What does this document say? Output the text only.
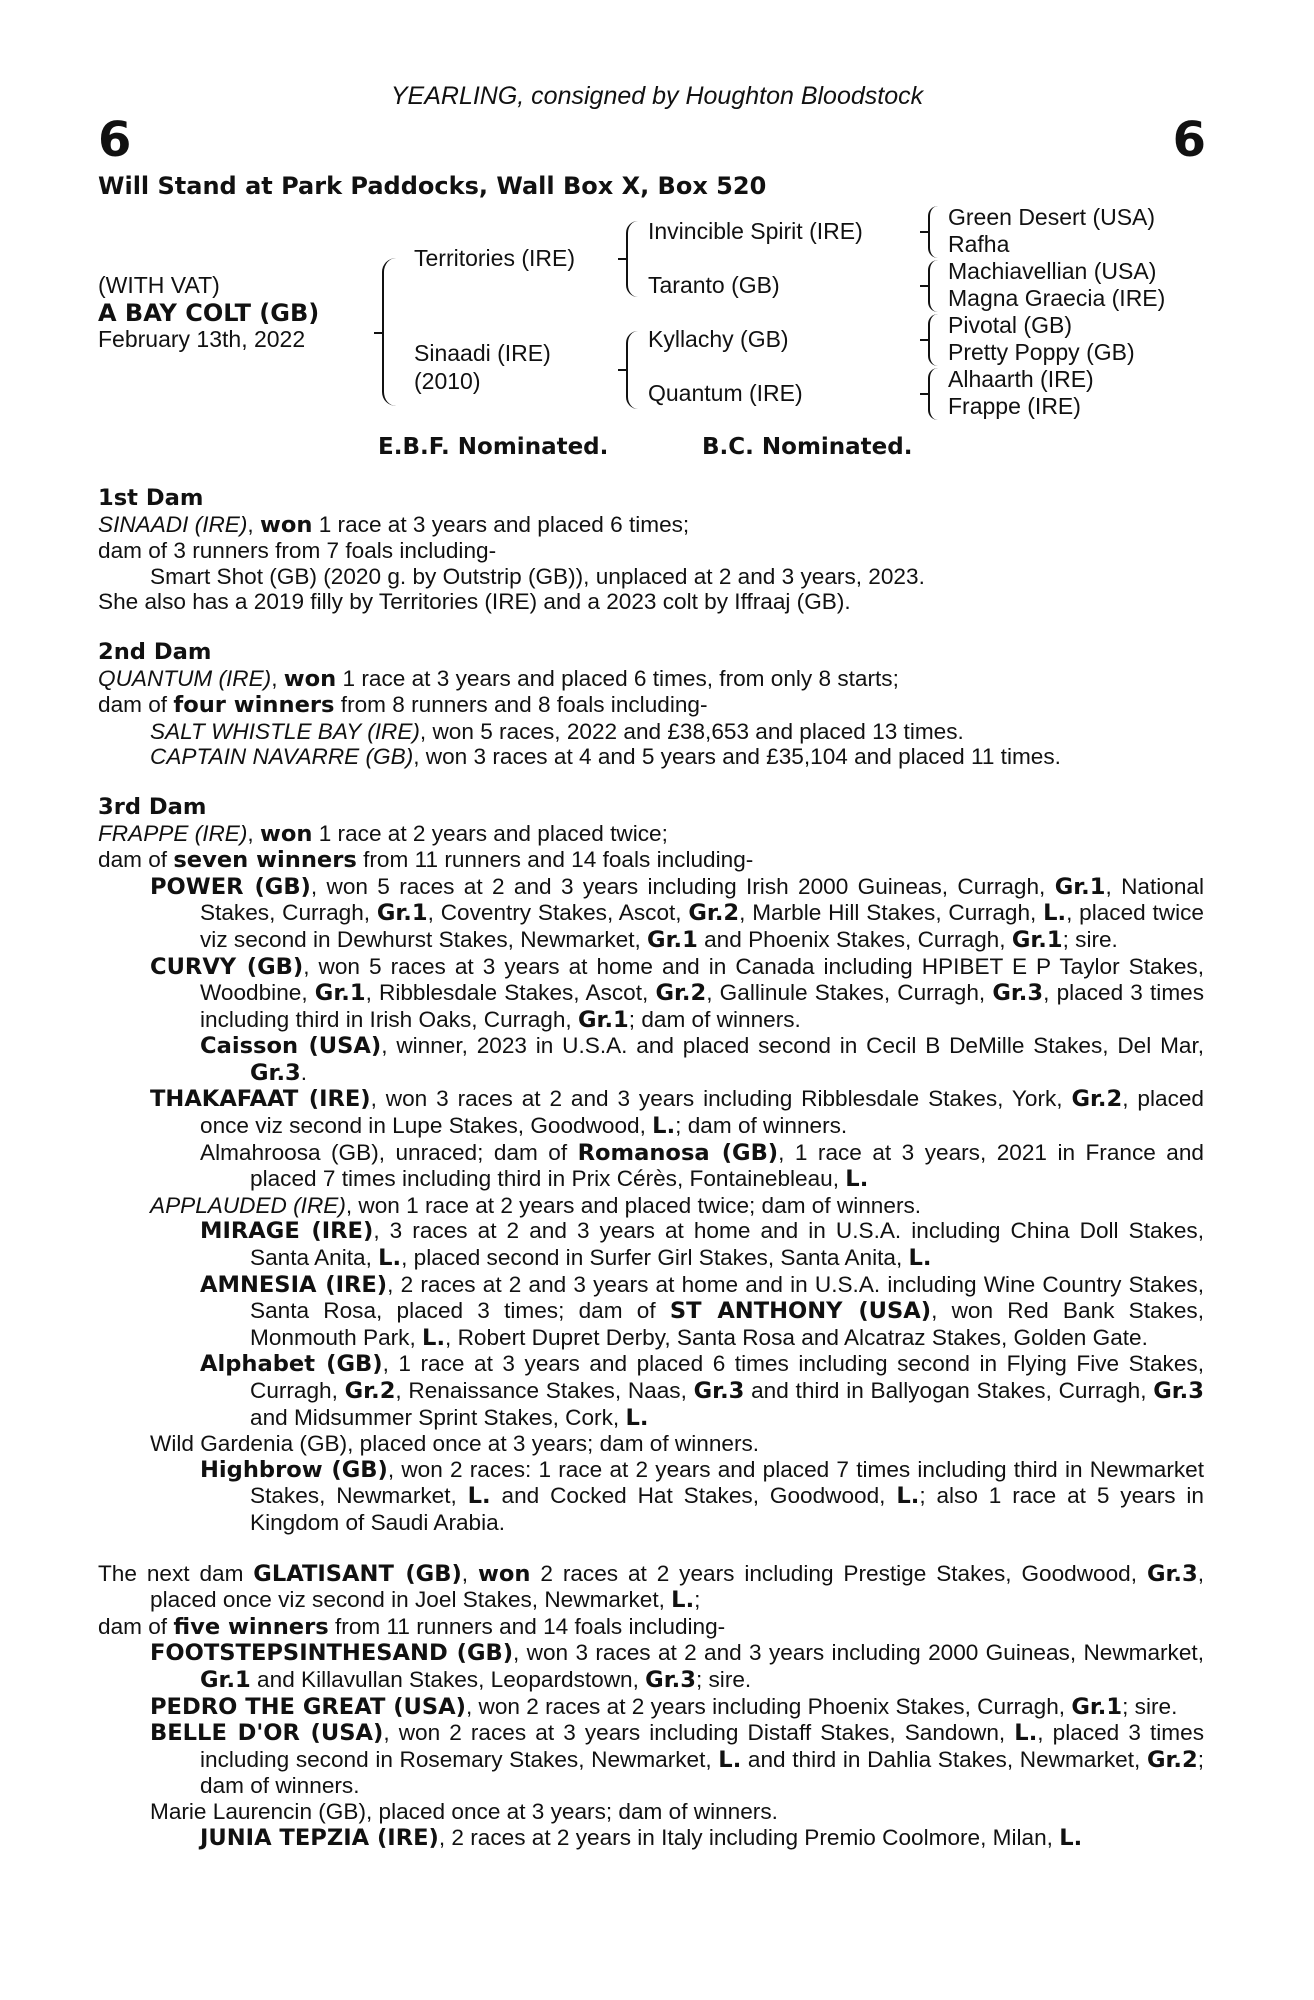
YEARLING, consigned by Houghton Bloodstock
6	6
Will Stand at Park Paddocks, Wall Box X, Box 520
(WITH VAT)
A BAY COLT (GB)
February 13th, 2022
Territories (IRE)
Sinaadi (IRE)
(2010)
Invincible Spirit (IRE)
Taranto (GB)
Kyllachy (GB)
Quantum (IRE)
Green Desert (USA)
Rafha
Machiavellian (USA)
Magna Graecia (IRE)
Pivotal (GB)
Pretty Poppy (GB)
Alhaarth (IRE)
Frappe (IRE)
E.B.F. Nominated.	B.C. Nominated.

1st Dam

SINAADI (IRE), won 1 race at 3 years and placed 6 times;

dam of 3 runners from 7 foals including-

Smart Shot (GB) (2020 g. by Outstrip (GB)), unplaced at 2 and 3 years, 2023.

She also has a 2019 filly by Territories (IRE) and a 2023 colt by Iffraaj (GB).

2nd Dam

QUANTUM (IRE), won 1 race at 3 years and placed 6 times, from only 8 starts;

dam of four winners from 8 runners and 8 foals including-

SALT WHISTLE BAY (IRE), won 5 races, 2022 and £38,653 and placed 13 times.

CAPTAIN NAVARRE (GB), won 3 races at 4 and 5 years and £35,104 and placed 11 times.

3rd Dam

FRAPPE (IRE), won 1 race at 2 years and placed twice;

dam of seven winners from 11 runners and 14 foals including-

POWER (GB), won 5 races at 2 and 3 years including Irish 2000 Guineas, Curragh, Gr.1, National Stakes, Curragh, Gr.1, Coventry Stakes, Ascot, Gr.2, Marble Hill Stakes, Curragh, L., placed twice viz second in Dewhurst Stakes, Newmarket, Gr.1 and Phoenix Stakes, Curragh, Gr.1; sire.

CURVY (GB), won 5 races at 3 years at home and in Canada including HPIBET E P Taylor Stakes, Woodbine, Gr.1, Ribblesdale Stakes, Ascot, Gr.2, Gallinule Stakes, Curragh, Gr.3, placed 3 times including third in Irish Oaks, Curragh, Gr.1; dam of winners.

Caisson (USA), winner, 2023 in U.S.A. and placed second in Cecil B DeMille Stakes, Del Mar, Gr.3.

THAKAFAAT (IRE), won 3 races at 2 and 3 years including Ribblesdale Stakes, York, Gr.2, placed once viz second in Lupe Stakes, Goodwood, L.; dam of winners.

Almahroosa (GB), unraced; dam of Romanosa (GB), 1 race at 3 years, 2021 in France and placed 7 times including third in Prix Cérès, Fontainebleau, L.

APPLAUDED (IRE), won 1 race at 2 years and placed twice; dam of winners.

MIRAGE (IRE), 3 races at 2 and 3 years at home and in U.S.A. including China Doll Stakes, Santa Anita, L., placed second in Surfer Girl Stakes, Santa Anita, L.

AMNESIA (IRE), 2 races at 2 and 3 years at home and in U.S.A. including Wine Country Stakes, Santa Rosa, placed 3 times; dam of ST ANTHONY (USA), won Red Bank Stakes, Monmouth Park, L., Robert Dupret Derby, Santa Rosa and Alcatraz Stakes, Golden Gate.

Alphabet (GB), 1 race at 3 years and placed 6 times including second in Flying Five Stakes, Curragh, Gr.2, Renaissance Stakes, Naas, Gr.3 and third in Ballyogan Stakes, Curragh, Gr.3 and Midsummer Sprint Stakes, Cork, L.

Wild Gardenia (GB), placed once at 3 years; dam of winners.

Highbrow (GB), won 2 races: 1 race at 2 years and placed 7 times including third in Newmarket Stakes, Newmarket, L. and Cocked Hat Stakes, Goodwood, L.; also 1 race at 5 years in Kingdom of Saudi Arabia.

The next dam GLATISANT (GB), won 2 races at 2 years including Prestige Stakes, Goodwood, Gr.3, placed once viz second in Joel Stakes, Newmarket, L.;

dam of five winners from 11 runners and 14 foals including-

FOOTSTEPSINTHESAND (GB), won 3 races at 2 and 3 years including 2000 Guineas, Newmarket, Gr.1 and Killavullan Stakes, Leopardstown, Gr.3; sire.

PEDRO THE GREAT (USA), won 2 races at 2 years including Phoenix Stakes, Curragh, Gr.1; sire.

BELLE D'OR (USA), won 2 races at 3 years including Distaff Stakes, Sandown, L., placed 3 times including second in Rosemary Stakes, Newmarket, L. and third in Dahlia Stakes, Newmarket, Gr.2; dam of winners.

Marie Laurencin (GB), placed once at 3 years; dam of winners.

JUNIA TEPZIA (IRE), 2 races at 2 years in Italy including Premio Coolmore, Milan, L.
